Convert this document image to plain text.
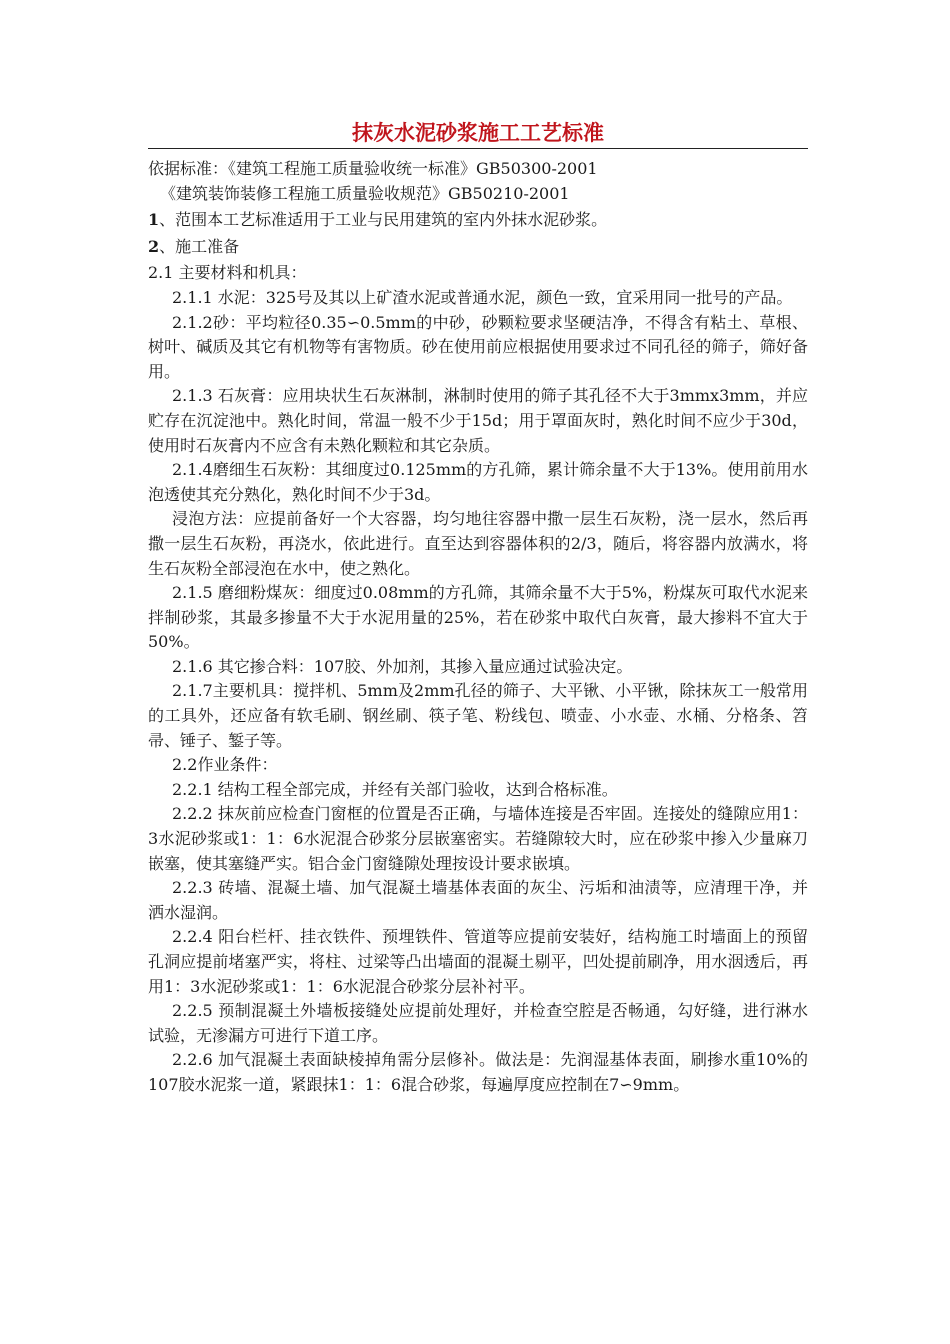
抹灰水泥砂浆施工工艺标准

依据标准：《建筑工程施工质量验收统一标准》GB50300-2001

《建筑装饰装修工程施工质量验收规范》GB50210-2001

1、范围本工艺标准适用于工业与民用建筑的室内外抹水泥砂浆。

2、施工准备

2.1 主要材料和机具：

2.1.1 水泥：325号及其以上矿渣水泥或普通水泥，颜色一致，宜采用同一批号的产品。

2.1.2砂：平均粒径0.35∽0.5mm的中砂，砂颗粒要求坚硬洁净，不得含有粘土、草根、树叶、碱质及其它有机物等有害物质。砂在使用前应根据使用要求过不同孔径的筛子，筛好备用。

2.1.3 石灰膏：应用块状生石灰淋制，淋制时使用的筛子其孔径不大于3mmx3mm，并应贮存在沉淀池中。熟化时间，常温一般不少于15d；用于罩面灰时，熟化时间不应少于30d，使用时石灰膏内不应含有未熟化颗粒和其它杂质。

2.1.4磨细生石灰粉：其细度过0.125mm的方孔筛，累计筛余量不大于13%。使用前用水泡透使其充分熟化，熟化时间不少于3d。

浸泡方法：应提前备好一个大容器，均匀地往容器中撒一层生石灰粉，浇一层水，然后再撒一层生石灰粉，再浇水，依此进行。直至达到容器体积的2/3，随后，将容器内放满水，将生石灰粉全部浸泡在水中，使之熟化。

2.1.5 磨细粉煤灰：细度过0.08mm的方孔筛，其筛余量不大于5%，粉煤灰可取代水泥来拌制砂浆，其最多掺量不大于水泥用量的25%，若在砂浆中取代白灰膏，最大掺料不宜大于50%。

2.1.6 其它掺合料：107胶、外加剂，其掺入量应通过试验决定。

2.1.7主要机具：搅拌机、5mm及2mm孔径的筛子、大平锹、小平锹，除抹灰工一般常用的工具外，还应备有软毛刷、钢丝刷、筷子笔、粉线包、喷壶、小水壶、水桶、分格条、笤帚、锤子、錾子等。

2.2作业条件：

2.2.1 结构工程全部完成，并经有关部门验收，达到合格标准。

2.2.2 抹灰前应检查门窗框的位置是否正确，与墙体连接是否牢固。连接处的缝隙应用1：3水泥砂浆或1：1：6水泥混合砂浆分层嵌塞密实。若缝隙较大时，应在砂浆中掺入少量麻刀嵌塞，使其塞缝严实。铝合金门窗缝隙处理按设计要求嵌填。

2.2.3 砖墙、混凝土墙、加气混凝土墙基体表面的灰尘、污垢和油渍等，应清理干净，并洒水湿润。

2.2.4 阳台栏杆、挂衣铁件、预埋铁件、管道等应提前安装好，结构施工时墙面上的预留孔洞应提前堵塞严实，将柱、过梁等凸出墙面的混凝土剔平，凹处提前刷净，用水洇透后，再用1：3水泥砂浆或1：1：6水泥混合砂浆分层补衬平。

2.2.5 预制混凝土外墙板接缝处应提前处理好，并检查空腔是否畅通，勾好缝，进行淋水试验，无渗漏方可进行下道工序。

2.2.6 加气混凝土表面缺棱掉角需分层修补。做法是：先润湿基体表面，刷掺水重10%的107胶水泥浆一道，紧跟抹1：1：6混合砂浆，每遍厚度应控制在7∽9mm。
